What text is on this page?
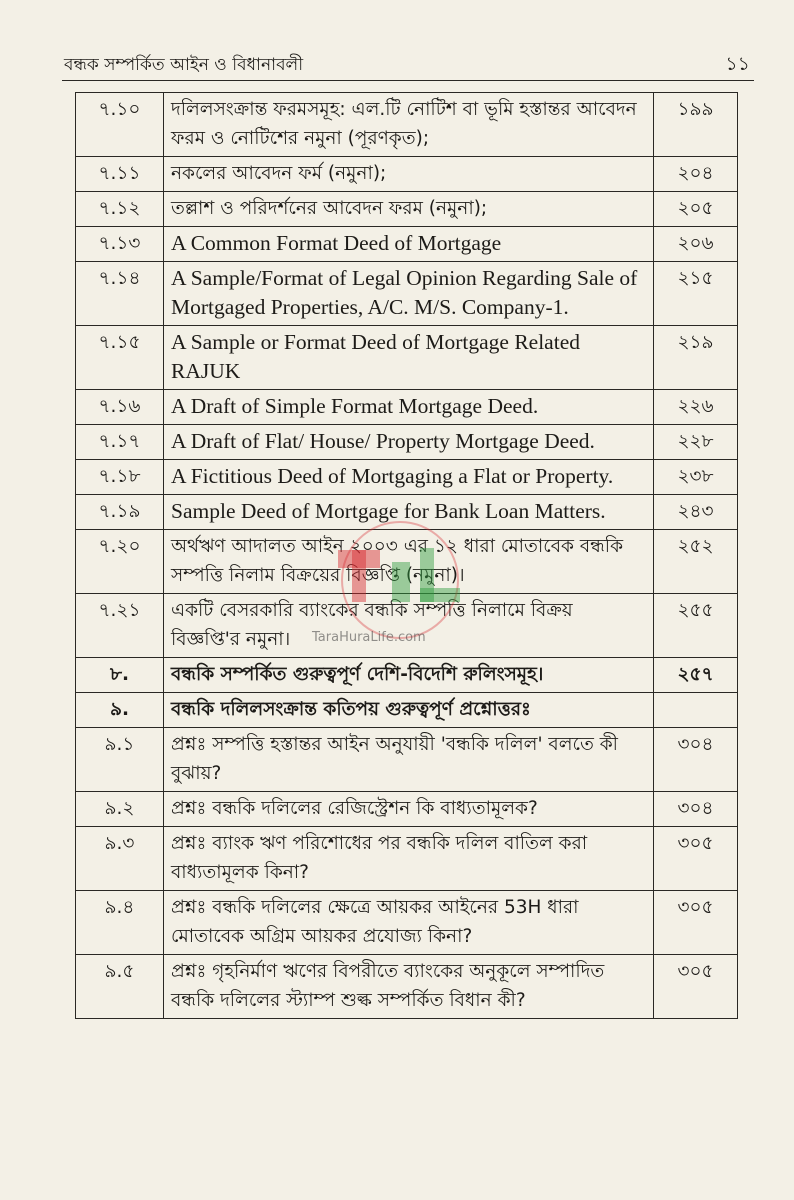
বন্ধক সম্পর্কিত আইন ও বিধানাবলী	১১
৭.১০	দলিলসংক্রান্ত ফরমসমূহ: এল.টি নোটিশ বা ভূমি হস্তান্তর আবেদন ফরম ও নোটিশের নমুনা (পূরণকৃত);	১৯৯
৭.১১	নকলের আবেদন ফর্ম (নমুনা);	২০৪
৭.১২	তল্লাশ ও পরিদর্শনের আবেদন ফরম (নমুনা);	২০৫
৭.১৩	A Common Format Deed of Mortgage	২০৬
৭.১৪	A Sample/Format of Legal Opinion Regarding Sale of Mortgaged Properties, A/C. M/S. Company-1.	২১৫
৭.১৫	A Sample or Format Deed of Mortgage Related RAJUK	২১৯
৭.১৬	A Draft of Simple Format Mortgage Deed.	২২৬
৭.১৭	A Draft of Flat/ House/ Property Mortgage Deed.	২২৮
৭.১৮	A Fictitious Deed of Mortgaging a Flat or Property.	২৩৮
৭.১৯	Sample Deed of Mortgage for Bank Loan Matters.	২৪৩
৭.২০	অর্থঋণ আদালত আইন ২০০৩ এর ১২ ধারা মোতাবেক বন্ধকি সম্পত্তি নিলাম বিক্রয়ের বিজ্ঞপ্তি (নমুনা)।	২৫২
৭.২১	একটি বেসরকারি ব্যাংকের বন্ধকি সম্পত্তি নিলামে বিক্রয় বিজ্ঞপ্তি'র নমুনা।	২৫৫
৮.	বন্ধকি সম্পর্কিত গুরুত্বপূর্ণ দেশি-বিদেশি রুলিংসমূহ।	২৫৭
৯.	বন্ধকি দলিলসংক্রান্ত কতিপয় গুরুত্বপূর্ণ প্রশ্নোত্তরঃ	
৯.১	প্রশ্নঃ সম্পত্তি হস্তান্তর আইন অনুযায়ী 'বন্ধকি দলিল' বলতে কী বুঝায়?	৩০৪
৯.২	প্রশ্নঃ বন্ধকি দলিলের রেজিস্ট্রেশন কি বাধ্যতামূলক?	৩০৪
৯.৩	প্রশ্নঃ ব্যাংক ঋণ পরিশোধের পর বন্ধকি দলিল বাতিল করা বাধ্যতামূলক কিনা?	৩০৫
৯.৪	প্রশ্নঃ বন্ধকি দলিলের ক্ষেত্রে আয়কর আইনের 53H ধারা মোতাবেক অগ্রিম আয়কর প্রযোজ্য কিনা?	৩০৫
৯.৫	প্রশ্নঃ গৃহনির্মাণ ঋণের বিপরীতে ব্যাংকের অনুকূলে সম্পাদিত বন্ধকি দলিলের স্ট্যাম্প শুল্ক সম্পর্কিত বিধান কী?	৩০৫
TaraHuraLife.com
